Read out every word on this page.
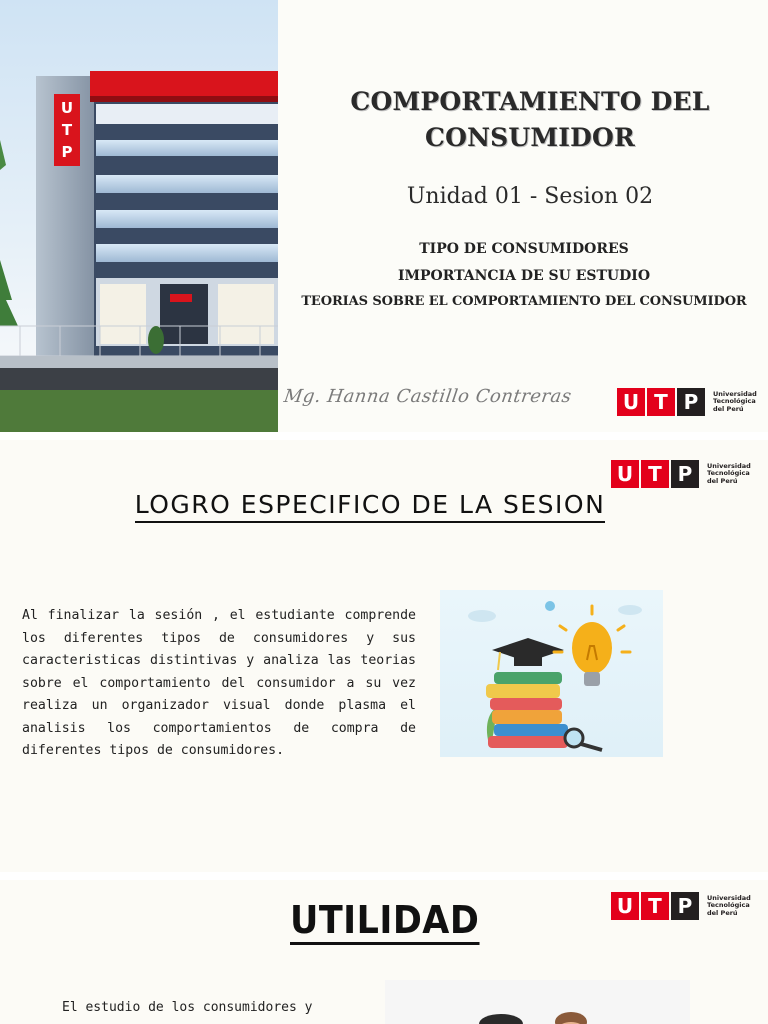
U
T
P
COMPORTAMIENTO DEL
CONSUMIDOR
Unidad 01 - Sesion 02
TIPO DE CONSUMIDORES
IMPORTANCIA DE SU ESTUDIO
TEORIAS SOBRE EL COMPORTAMIENTO DEL CONSUMIDOR
Mg. Hanna Castillo Contreras U T P	Universidad
Tecnológica
del Perú
U T P	Universidad
Tecnológica
del Perú
LOGRO ESPECIFICO DE LA SESION
Al finalizar la sesión , el estudiante comprende los diferentes tipos de consumidores y sus caracteristicas distintivas y analiza las teorias sobre el comportamiento del consumidor a su vez realiza un organizador visual donde plasma el analisis los comportamientos de compra de diferentes tipos de consumidores.
U T P	Universidad
Tecnológica
del Perú
UTILIDAD
El estudio de los consumidores y
